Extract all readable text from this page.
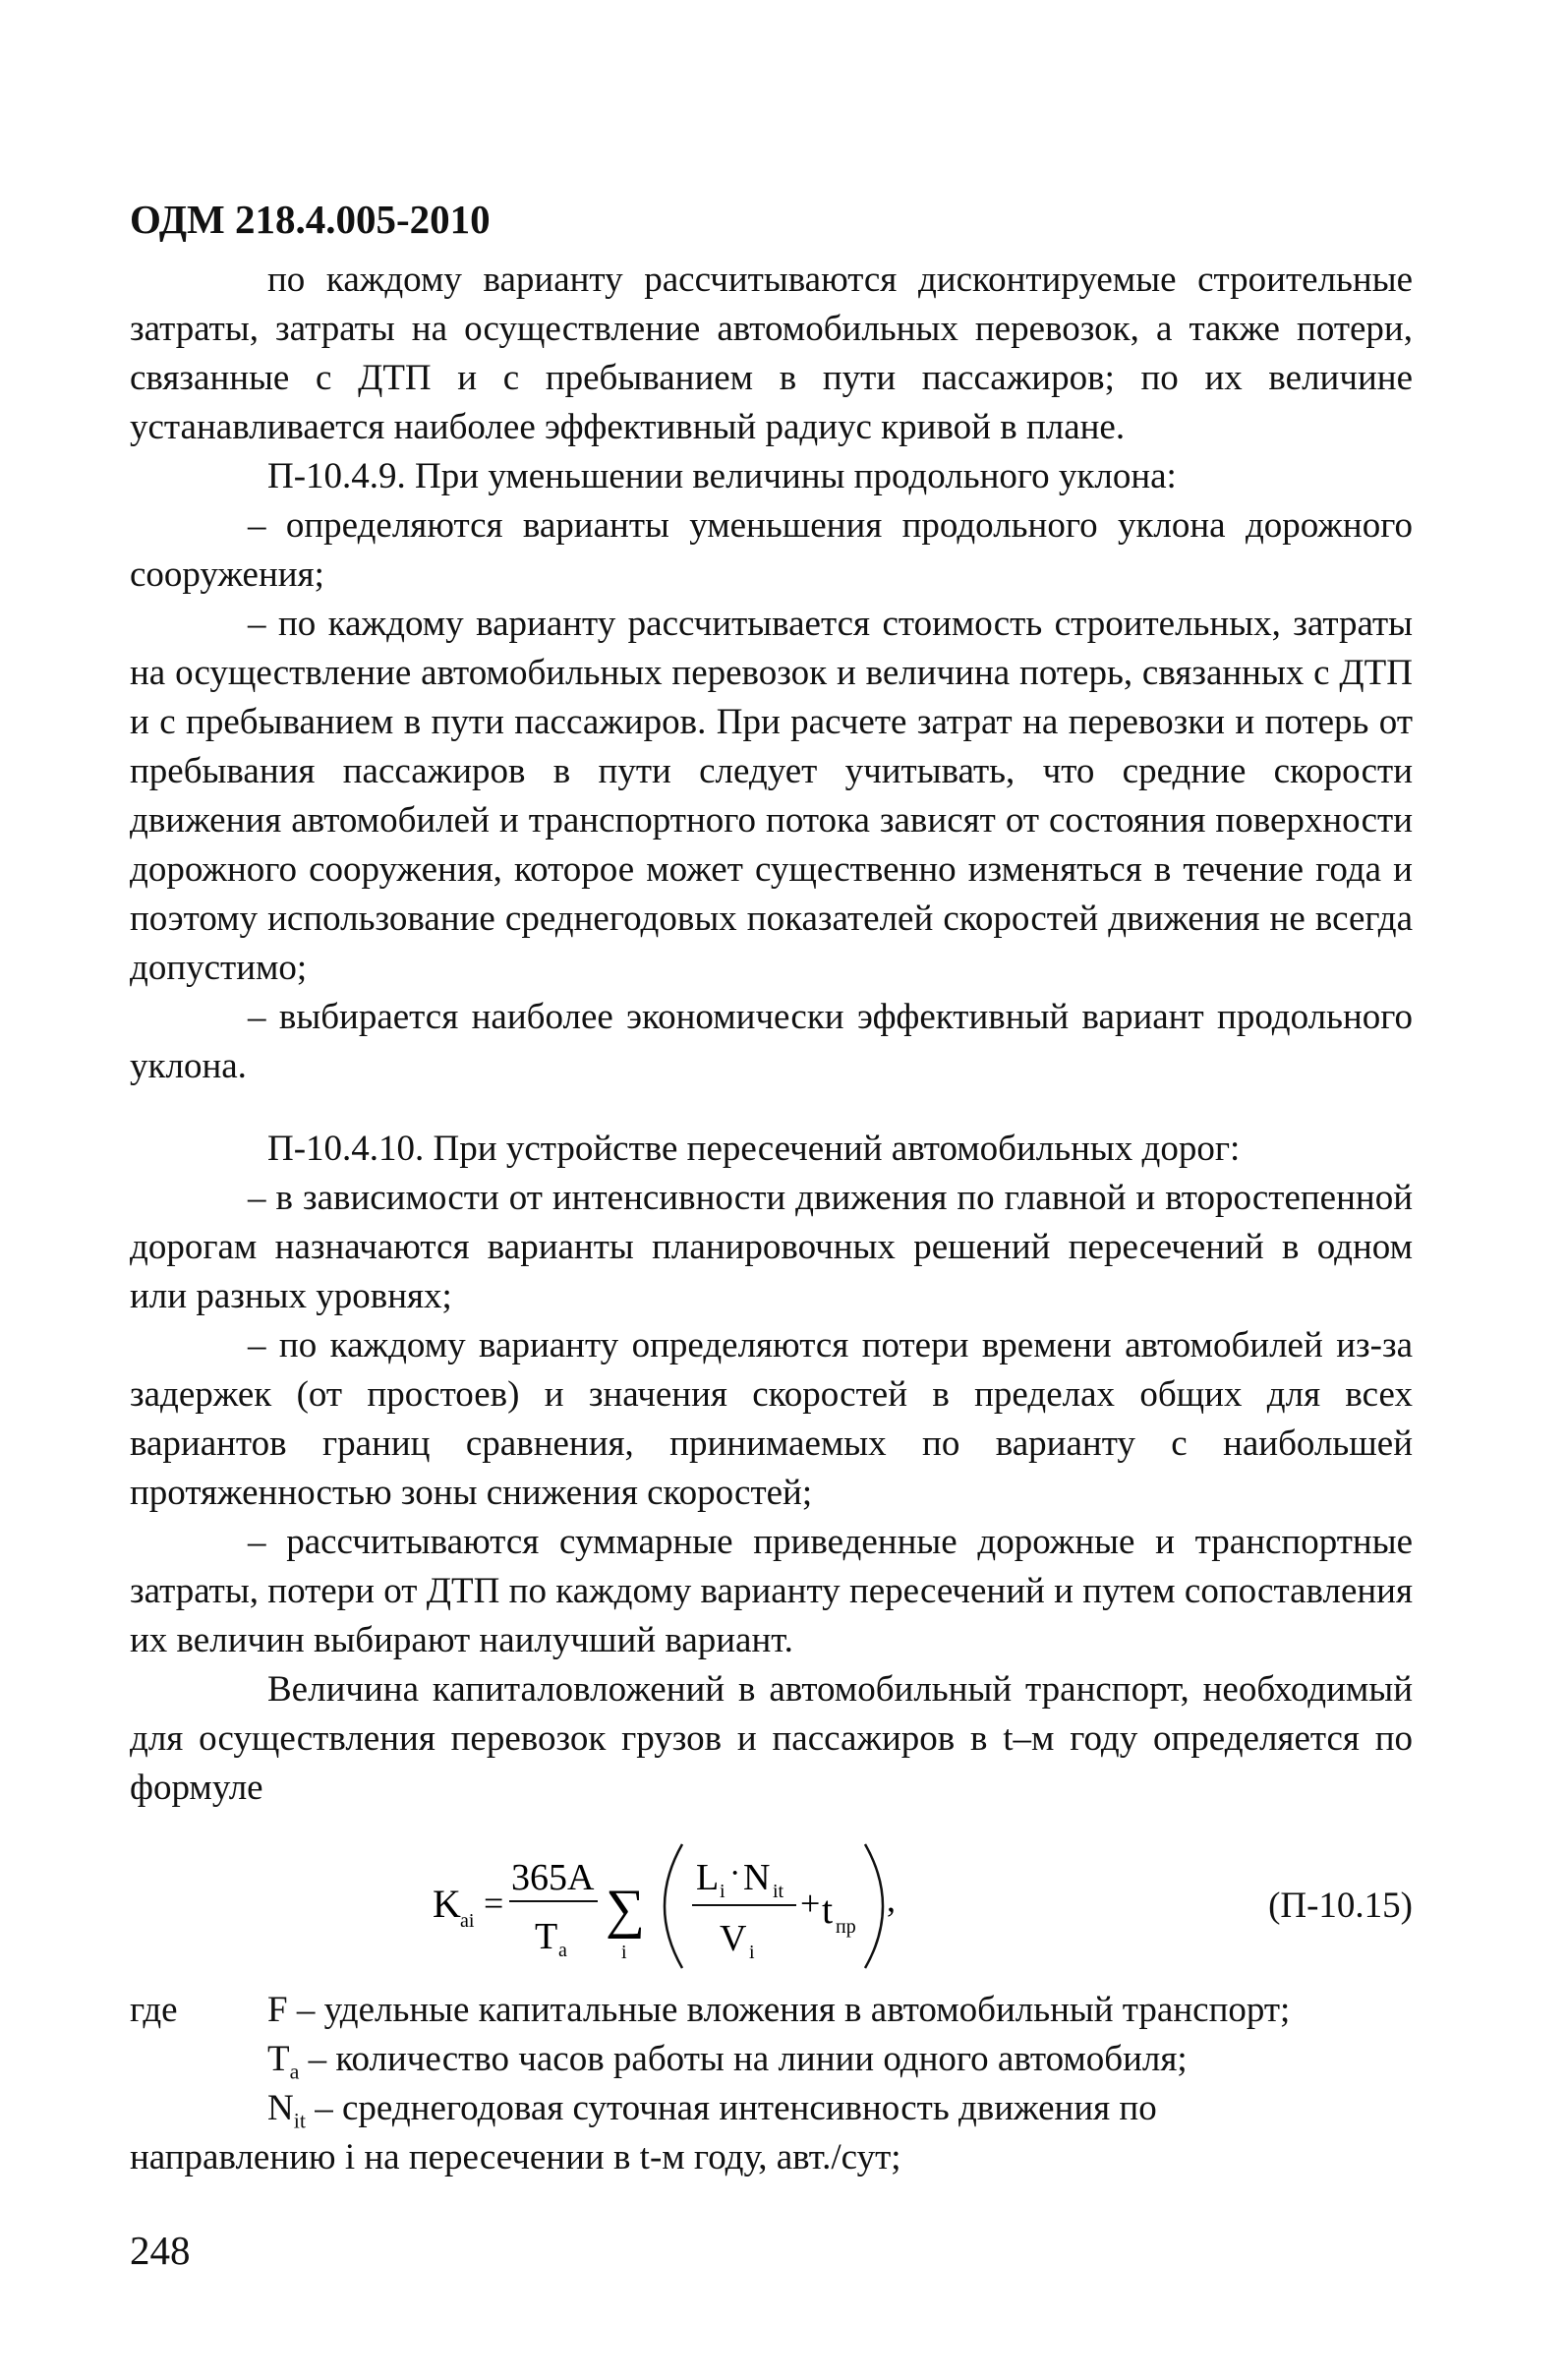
ОДМ 218.4.005-2010

по каждому варианту рассчитываются дисконтируемые строительные затраты, затраты на осуществление автомобильных перевозок, а также потери, связанные с ДТП и с пребыванием в пути пассажиров; по их величине устанавливается наиболее эффективный радиус кривой в плане.

П-10.4.9. При уменьшении величины продольного уклона:

– определяются варианты уменьшения продольного уклона дорожного сооружения;

– по каждому варианту рассчитывается стоимость строительных, затраты на осуществление автомобильных перевозок и величина потерь, связанных с ДТП и с пребыванием в пути пассажиров. При расчете затрат на перевозки и потерь от пребывания пассажиров в пути следует учитывать, что средние скорости движения автомобилей и транспортного потока зависят от состояния поверхности дорожного сооружения, которое может существенно изменяться в течение года и поэтому использование среднегодовых показателей скоростей движения не всегда допустимо;

– выбирается наиболее экономически эффективный вариант продольного уклона.

П-10.4.10. При устройстве пересечений автомобильных дорог:

– в зависимости от интенсивности движения по главной и второстепенной дорогам назначаются варианты планировочных решений пересечений в одном или разных уровнях;

– по каждому варианту определяются потери времени автомобилей из-за задержек (от простоев) и значения скоростей в пределах общих для всех вариантов границ сравнения, принимаемых по варианту с наибольшей протяженностью зоны снижения скоростей;

– рассчитываются суммарные приведенные дорожные и транспортные затраты, потери от ДТП по каждому варианту пересечений и путем сопоставления их величин выбирают наилучший вариант.

Величина капиталовложений в автомобильный транспорт, необходимый для осуществления перевозок грузов и пассажиров в t–м году определяется по формуле

K ai =
365A
T a
∑
i
L i · N it
V i
+ t пр
,	(П-10.15)
где F – удельные капитальные вложения в автомобильный транспорт;
$T_a$ – количество часов работы на линии одного автомобиля;
$N_{it}$ – среднегодовая суточная интенсивность движения по
направлению i на пересечении в t-м году, авт./сут;
248
